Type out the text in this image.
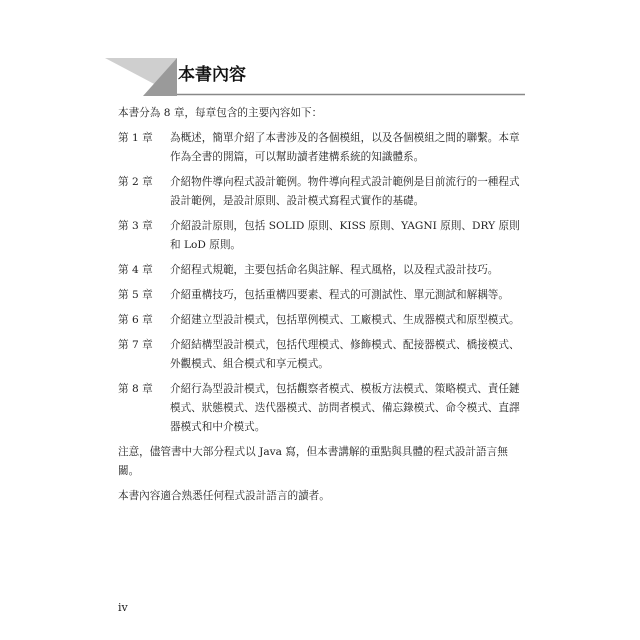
本書內容

本書分為 8 章，每章包含的主要內容如下：

第 1 章	為概述，簡單介紹了本書涉及的各個模組，以及各個模組之間的聯繫。本章作為全書的開篇，可以幫助讀者建構系統的知識體系。
第 2 章	介紹物件導向程式設計範例。物件導向程式設計範例是目前流行的一種程式設計範例，是設計原則、設計模式寫程式實作的基礎。
第 3 章	介紹設計原則，包括 SOLID 原則、KISS 原則、YAGNI 原則、DRY 原則和 LoD 原則。
第 4 章	介紹程式規範，主要包括命名與註解、程式風格，以及程式設計技巧。
第 5 章	介紹重構技巧，包括重構四要素、程式的可測試性、單元測試和解耦等。
第 6 章	介紹建立型設計模式，包括單例模式、工廠模式、生成器模式和原型模式。
第 7 章	介紹結構型設計模式，包括代理模式、修飾模式、配接器模式、橋接模式、外觀模式、組合模式和享元模式。
第 8 章	介紹行為型設計模式，包括觀察者模式、模板方法模式、策略模式、責任鏈模式、狀態模式、迭代器模式、訪問者模式、備忘錄模式、命令模式、直譯器模式和中介模式。

注意，儘管書中大部分程式以 Java 寫，但本書講解的重點與具體的程式設計語言無關。

本書內容適合熟悉任何程式設計語言的讀者。

iv
